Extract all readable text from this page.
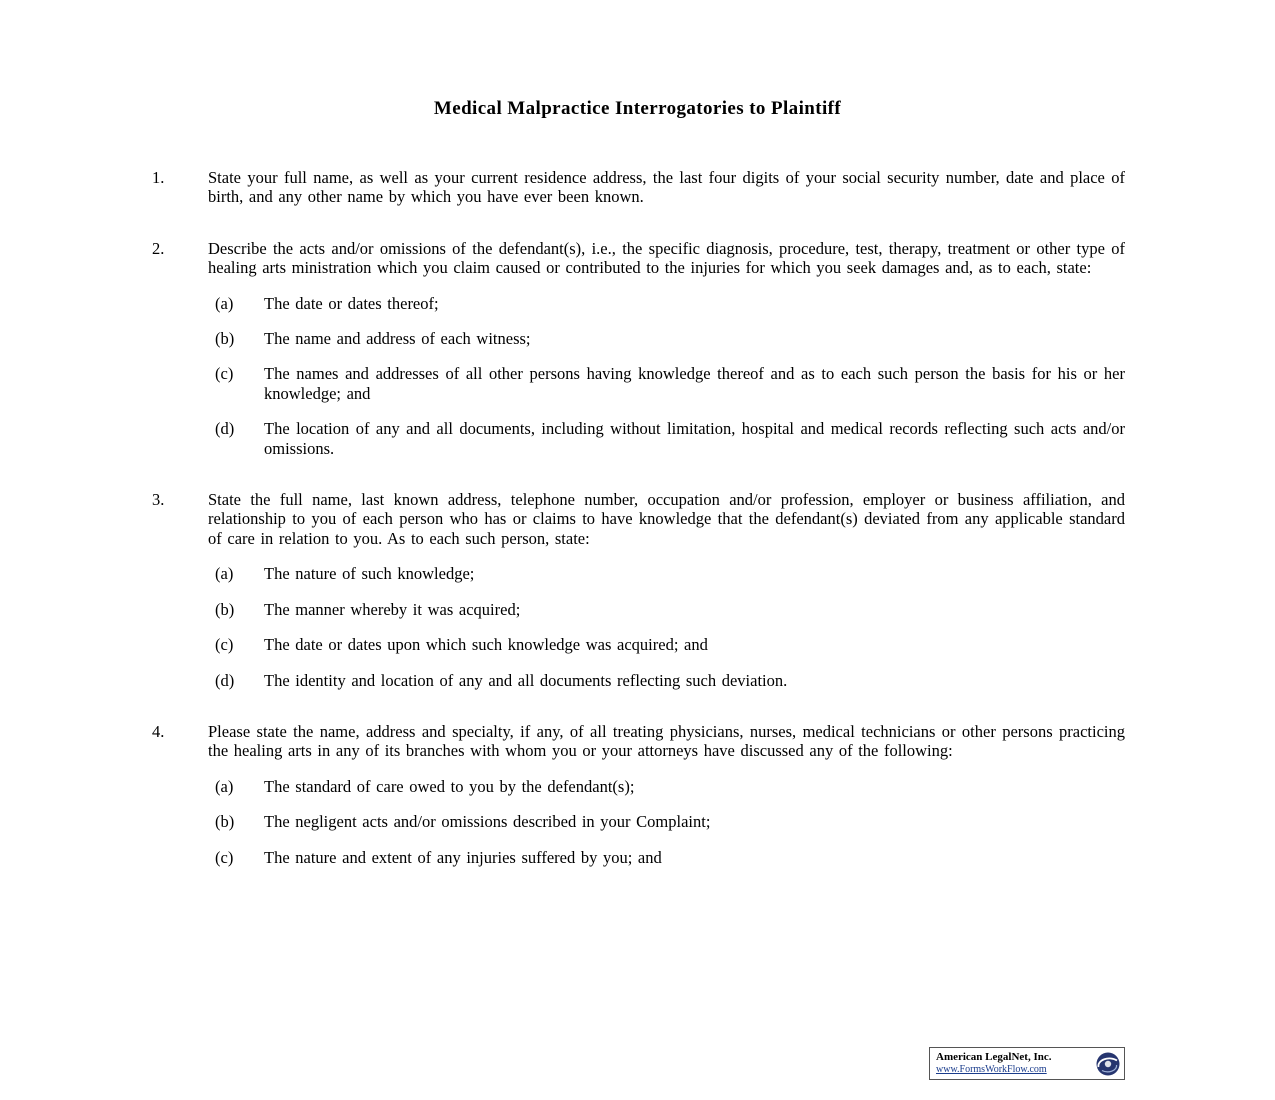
Medical Malpractice Interrogatories to Plaintiff
1.	State your full name, as well as your current residence address, the last four digits of your social security number, date and place of birth, and any other name by which you have ever been known.
2.	Describe the acts and/or omissions of the defendant(s), i.e., the specific diagnosis, procedure, test, therapy, treatment or other type of healing arts ministration which you claim caused or contributed to the injuries for which you seek damages and, as to each, state:
(a)	The date or dates thereof;
(b)	The name and address of each witness;
(c)	The names and addresses of all other persons having knowledge thereof and as to each such person the basis for his or her knowledge; and
(d)	The location of any and all documents, including without limitation, hospital and medical records reflecting such acts and/or omissions.
3.	State the full name, last known address, telephone number, occupation and/or profession, employer or business affiliation, and relationship to you of each person who has or claims to have knowledge that the defendant(s) deviated from any applicable standard of care in relation to you. As to each such person, state:
(a)	The nature of such knowledge;
(b)	The manner whereby it was acquired;
(c)	The date or dates upon which such knowledge was acquired; and
(d)	The identity and location of any and all documents reflecting such deviation.
4.	Please state the name, address and specialty, if any, of all treating physicians, nurses, medical technicians or other persons practicing the healing arts in any of its branches with whom you or your attorneys have discussed any of the following:
(a)	The standard of care owed to you by the defendant(s);
(b)	The negligent acts and/or omissions described in your Complaint;
(c)	The nature and extent of any injuries suffered by you; and
American LegalNet, Inc.
www.FormsWorkFlow.com
